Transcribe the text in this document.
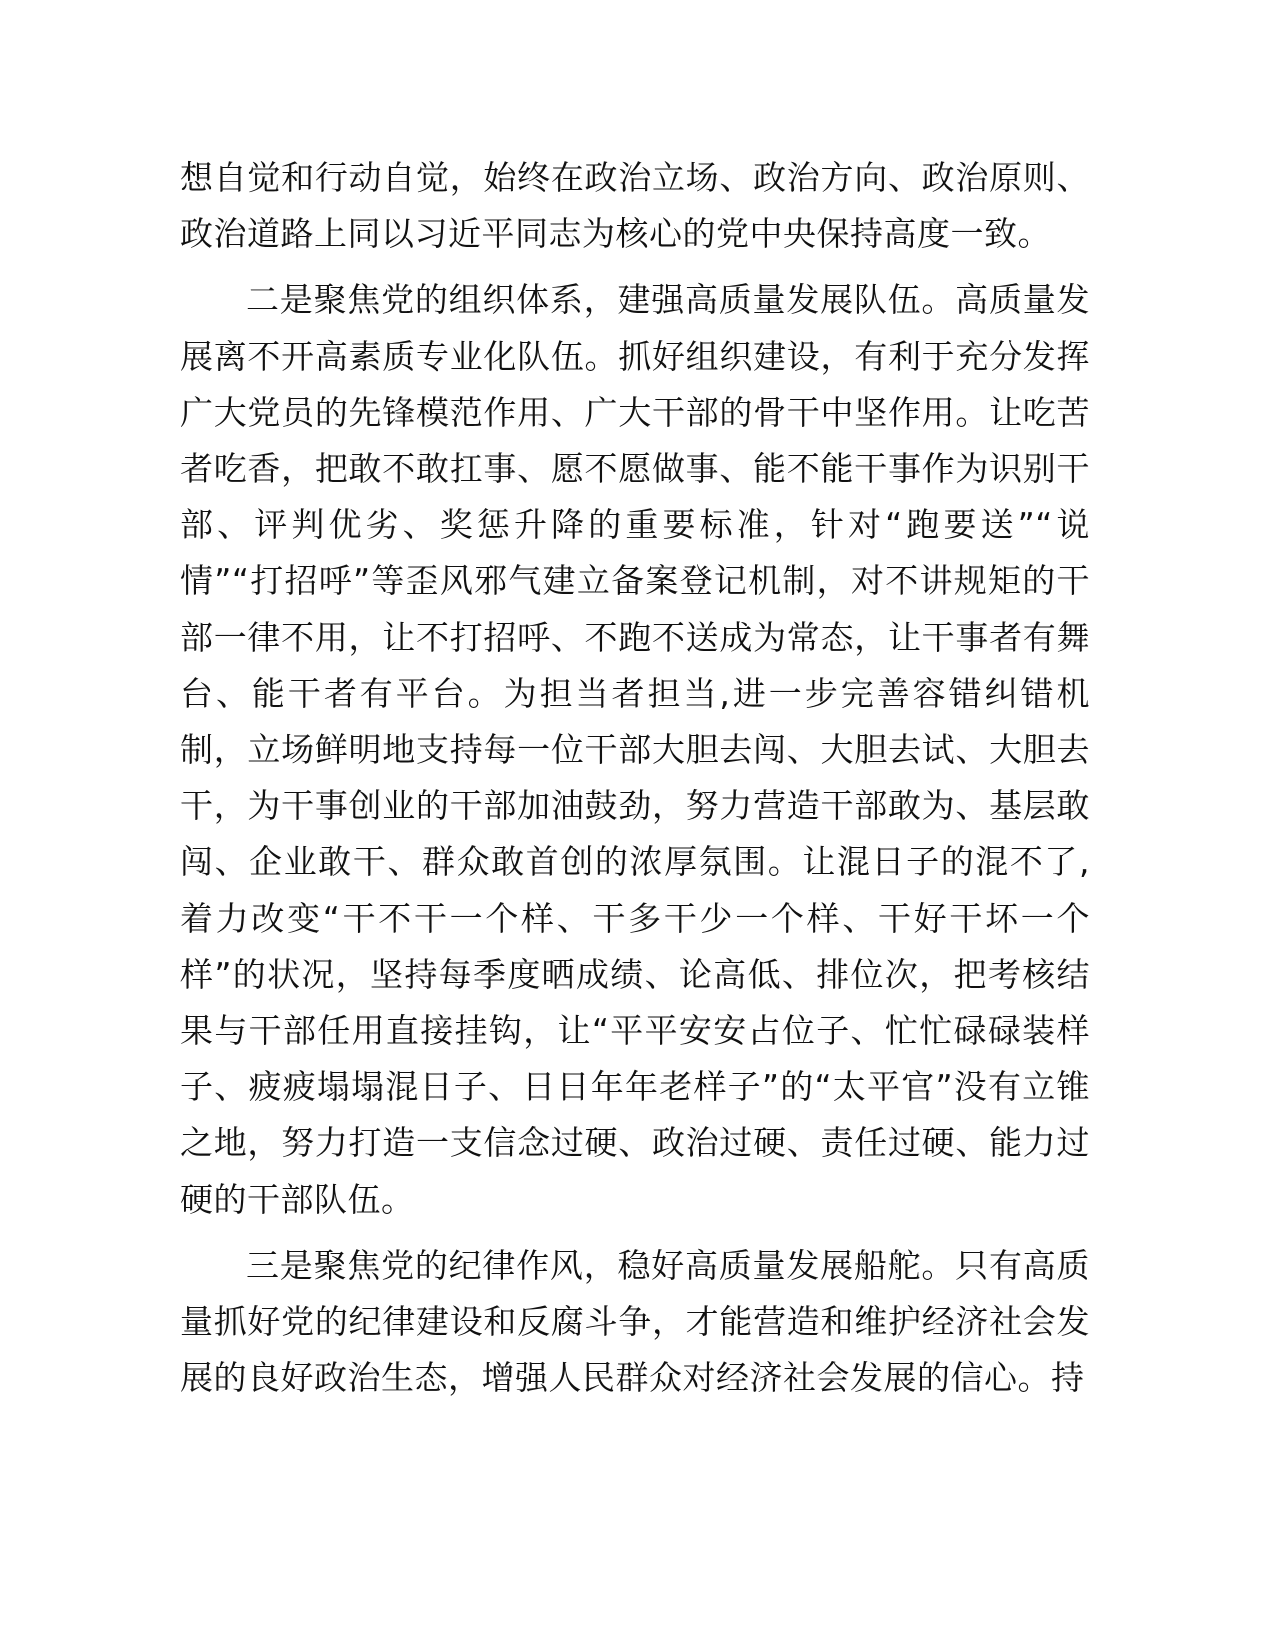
想自觉和行动自觉，始终在政治立场、政治方向、政治原则、政治道路上同以习近平同志为核心的党中央保持高度一致。

二是聚焦党的组织体系，建强高质量发展队伍。高质量发展离不开高素质专业化队伍。抓好组织建设，有利于充分发挥广大党员的先锋模范作用、广大干部的骨干中坚作用。让吃苦者吃香，把敢不敢扛事、愿不愿做事、能不能干事作为识别干部、评判优劣、奖惩升降的重要标准，针对“跑要送”“说情”“打招呼”等歪风邪气建立备案登记机制，对不讲规矩的干部一律不用，让不打招呼、不跑不送成为常态，让干事者有舞台、能干者有平台。为担当者担当,进一步完善容错纠错机制，立场鲜明地支持每一位干部大胆去闯、大胆去试、大胆去干，为干事创业的干部加油鼓劲，努力营造干部敢为、基层敢闯、企业敢干、群众敢首创的浓厚氛围。让混日子的混不了,着力改变“干不干一个样、干多干少一个样、干好干坏一个样”的状况，坚持每季度晒成绩、论高低、排位次，把考核结果与干部任用直接挂钩，让“平平安安占位子、忙忙碌碌装样子、疲疲塌塌混日子、日日年年老样子”的“太平官”没有立锥之地，努力打造一支信念过硬、政治过硬、责任过硬、能力过硬的干部队伍。

三是聚焦党的纪律作风，稳好高质量发展船舵。只有高质量抓好党的纪律建设和反腐斗争，才能营造和维护经济社会发展的良好政治生态，增强人民群众对经济社会发展的信心。持
